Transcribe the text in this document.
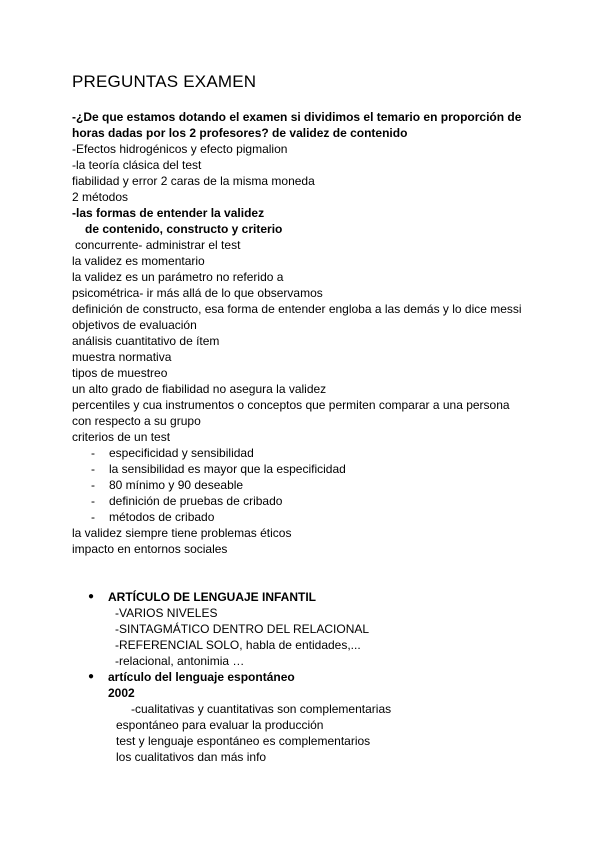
PREGUNTAS EXAMEN
-¿De que estamos dotando el examen si dividimos el temario en proporción de
horas dadas por los 2 profesores? de validez de contenido
-Efectos hidrogénicos y efecto pigmalion
-la teoría clásica del test
fiabilidad y error 2 caras de la misma moneda
2 métodos
-las formas de entender la validez
de contenido, constructo y criterio
concurrente- administrar el test
la validez es momentario
la validez es un parámetro no referido a
psicométrica- ir más allá de lo que observamos
definición de constructo, esa forma de entender engloba a las demás y lo dice messi
objetivos de evaluación
análisis cuantitativo de ítem
muestra normativa
tipos de muestreo
un alto grado de fiabilidad no asegura la validez
percentiles y cua instrumentos o conceptos que permiten comparar a una persona
con respecto a su grupo
criterios de un test
- especificidad y sensibilidad
- la sensibilidad es mayor que la especificidad
- 80 mínimo y 90 deseable
- definición de pruebas de cribado
- métodos de cribado
la validez siempre tiene problemas éticos
impacto en entornos sociales
● ARTÍCULO DE LENGUAJE INFANTIL
-VARIOS NIVELES
-SINTAGMÁTICO DENTRO DEL RELACIONAL
-REFERENCIAL SOLO, habla de entidades,...
-relacional, antonimia …
● artículo del lenguaje espontáneo
2002
-cualitativas y cuantitativas son complementarias
espontáneo para evaluar la producción
test y lenguaje espontáneo es complementarios
los cualitativos dan más info
